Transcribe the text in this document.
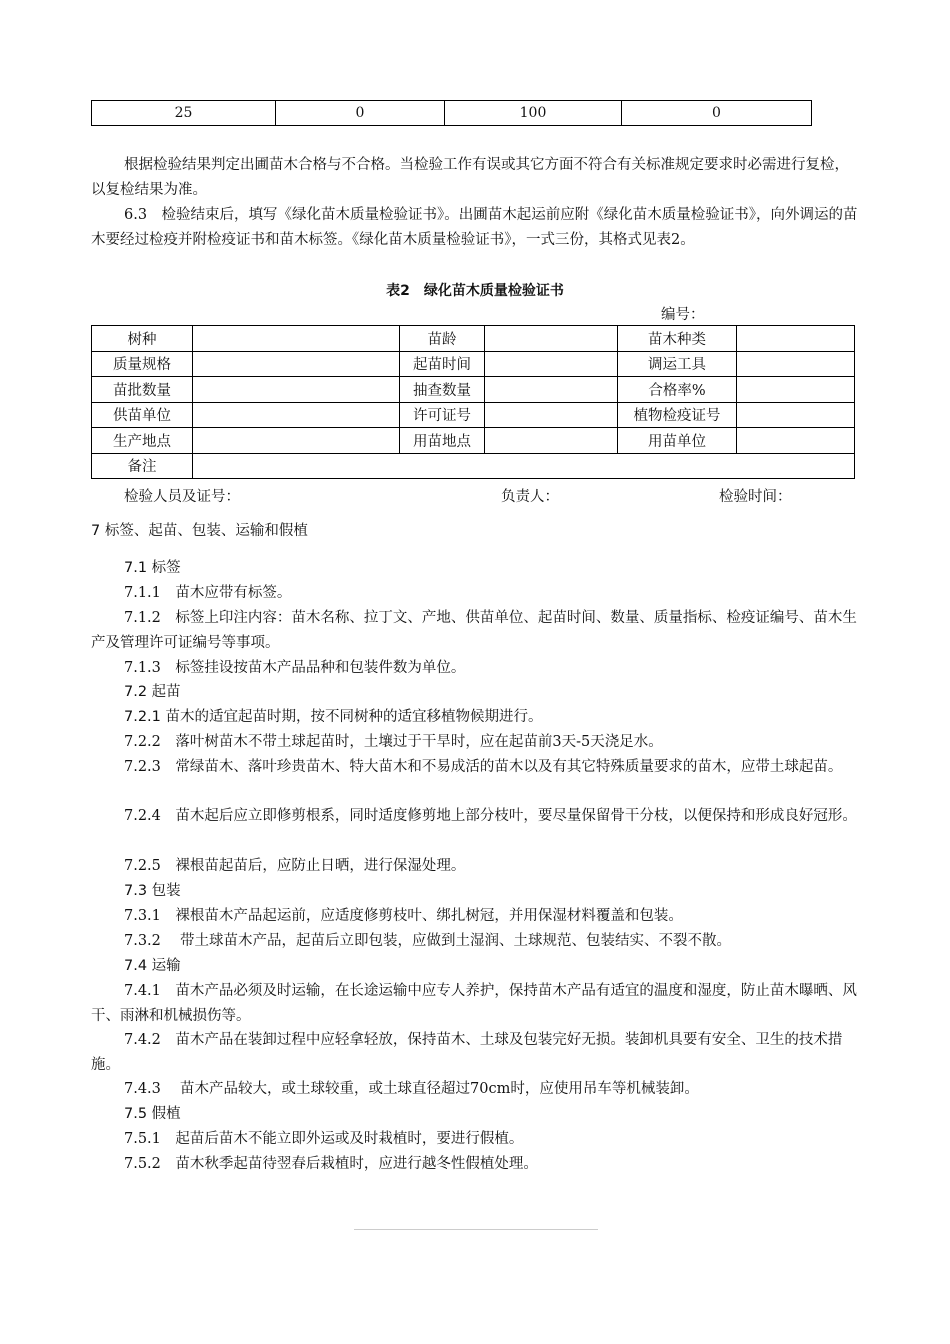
25	0	100	0
根据检验结果判定出圃苗木合格与不合格。当检验工作有误或其它方面不符合有关标准规定要求时必需进行复检，以复检结果为准。
6.3　检验结束后，填写《绿化苗木质量检验证书》。出圃苗木起运前应附《绿化苗木质量检验证书》，向外调运的苗木要经过检疫并附检疫证书和苗木标签。《绿化苗木质量检验证书》，一式三份，其格式见表2。
表2　绿化苗木质量检验证书
编号：
树种		苗龄		苗木种类	
质量规格		起苗时间		调运工具	
苗批数量		抽查数量		合格率%	
供苗单位		许可证号		植物检疫证号	
生产地点		用苗地点		用苗单位	
备注					
检验人员及证号：	负责人：	检验时间：
7 标签、起苗、包装、运输和假植
7.1 标签
7.1.1　苗木应带有标签。
7.1.2　标签上印注内容：苗木名称、拉丁文、产地、供苗单位、起苗时间、数量、质量指标、检疫证编号、苗木生产及管理许可证编号等事项。
7.1.3　标签挂设按苗木产品品种和包装件数为单位。
7.2 起苗
7.2.1 苗木的适宜起苗时期，按不同树种的适宜移植物候期进行。
7.2.2　落叶树苗木不带土球起苗时，土壤过于干旱时，应在起苗前3天-5天浇足水。
7.2.3　常绿苗木、落叶珍贵苗木、特大苗木和不易成活的苗木以及有其它特殊质量要求的苗木，应带土球起苗。
7.2.4　苗木起后应立即修剪根系，同时适度修剪地上部分枝叶，要尽量保留骨干分枝，以便保持和形成良好冠形。
7.2.5　裸根苗起苗后，应防止日晒，进行保湿处理。
7.3 包装
7.3.1　裸根苗木产品起运前，应适度修剪枝叶、绑扎树冠，并用保湿材料覆盖和包装。
7.3.2　 带土球苗木产品，起苗后立即包装，应做到土湿润、土球规范、包装结实、不裂不散。
7.4 运输
7.4.1　苗木产品必须及时运输，在长途运输中应专人养护，保持苗木产品有适宜的温度和湿度，防止苗木曝晒、风干、雨淋和机械损伤等。
7.4.2　苗木产品在装卸过程中应轻拿轻放，保持苗木、土球及包装完好无损。装卸机具要有安全、卫生的技术措施。
7.4.3　 苗木产品较大，或土球较重，或土球直径超过70cm时，应使用吊车等机械装卸。
7.5 假植
7.5.1　起苗后苗木不能立即外运或及时栽植时，要进行假植。
7.5.2　苗木秋季起苗待翌春后栽植时，应进行越冬性假植处理。
